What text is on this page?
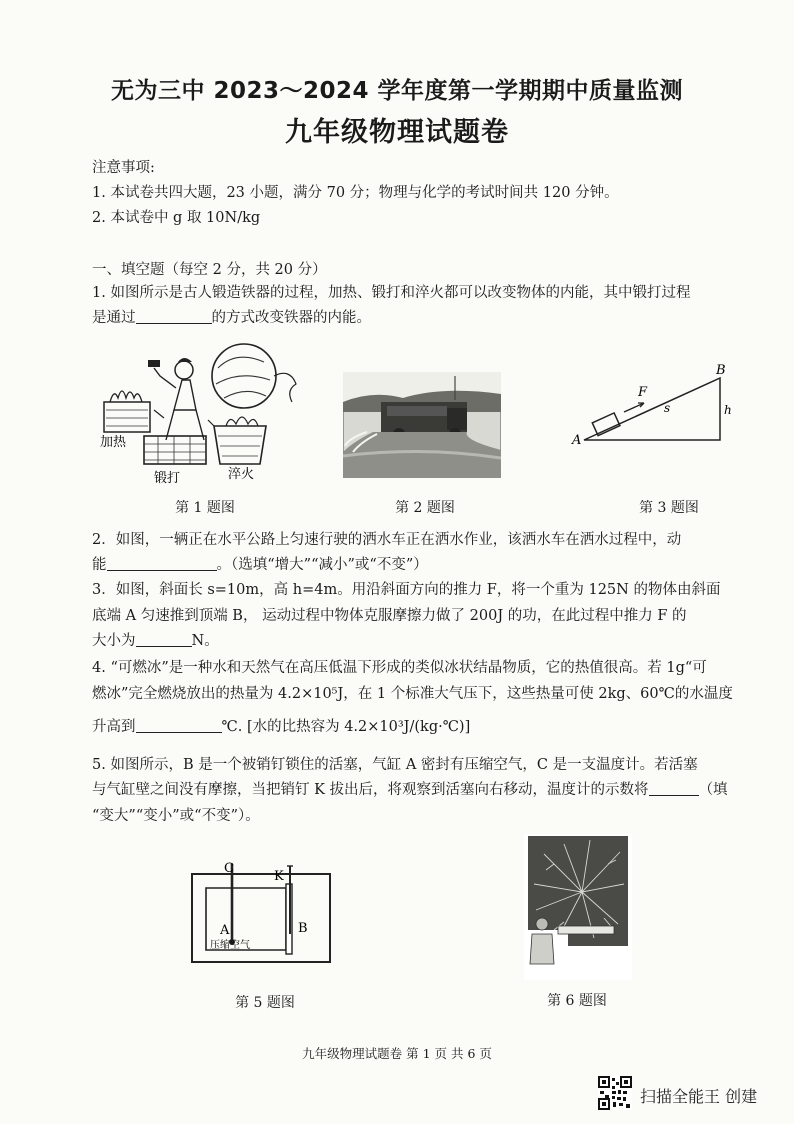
无为三中 2023～2024 学年度第一学期期中质量监测
九年级物理试题卷
注意事项:
1. 本试卷共四大题，23 小题，满分 70 分；物理与化学的考试时间共 120 分钟。
2. 本试卷中 g 取 10N/kg
一、填空题（每空 2 分，共 20 分）
1. 如图所示是古人锻造铁器的过程，加热、锻打和淬火都可以改变物体的内能，其中锻打过程
是通过	的方式改变铁器的内能。
加热
锻打	淬火
第 1 题图	第 2 题图
B
A
F
s	h
第 3 题图
2．如图，一辆正在水平公路上匀速行驶的洒水车正在洒水作业，该洒水车在洒水过程中，动
能	。（选填“增大”“减小”或“不变”）
3．如图，斜面长 s=10m，高 h=4m。用沿斜面方向的推力 F，将一个重为 125N 的物体由斜面
底端 A 匀速推到顶端 B， 运动过程中物体克服摩擦力做了 200J 的功，在此过程中推力 F 的
大小为	N。
4. “可燃冰”是一种水和天然气在高压低温下形成的类似冰状结晶物质，它的热值很高。若 1g“可
燃冰”完全燃烧放出的热量为 4.2×10⁵J，在 1 个标准大气压下，这些热量可使 2kg、60℃的水温度
升高到	℃. [水的比热容为 4.2×10³J/(kg·℃)]
5. 如图所示，B 是一个被销钉锁住的活塞，气缸 A 密封有压缩空气，C 是一支温度计。若活塞
与气缸壁之间没有摩擦，当把销钉 K 拔出后，将观察到活塞向右移动，温度计的示数将	（填
“变大”“变小”或“不变”）。
C
K
A	B
压缩空气
第 5 题图	第 6 题图
九年级物理试题卷 第 1 页 共 6 页
扫描全能王 创建
